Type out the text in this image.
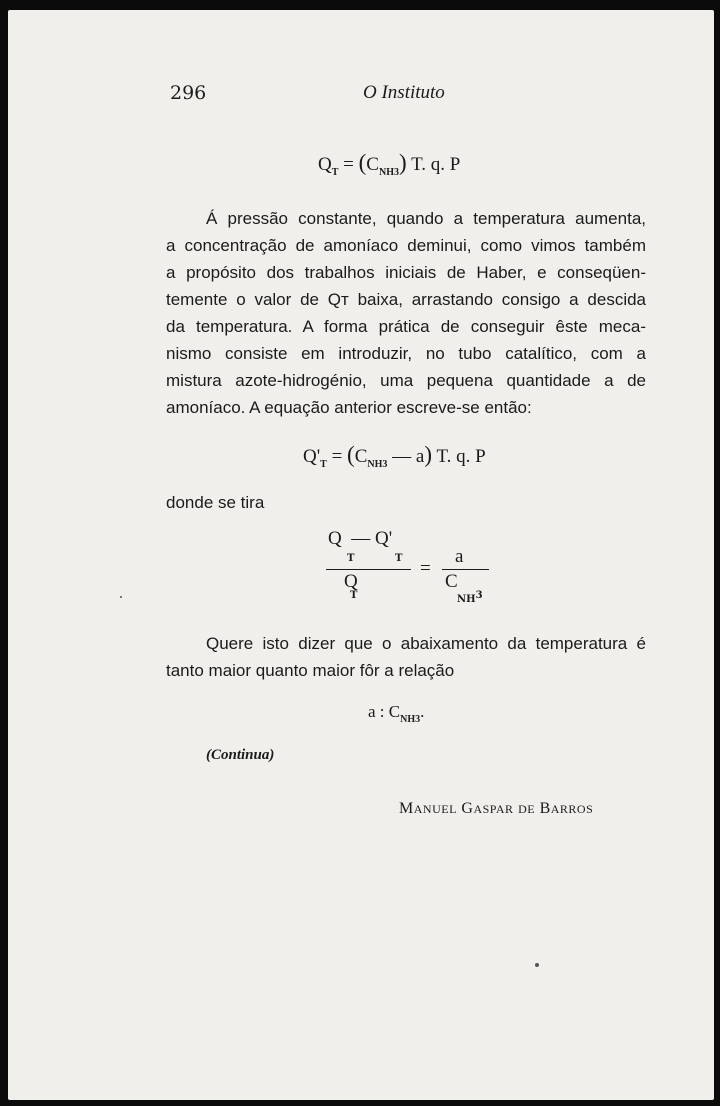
296	O Instituto
$Q_T = (C_{NH3})$ T. q. P
Á pressão constante, quando a temperatura aumenta,
a concentração de amoníaco deminui, como vimos também
a propósito dos trabalhos iniciais de Haber, e conseqüen-
temente o valor de Qᴛ baixa, arrastando consigo a descida
da temperatura. A forma prática de conseguir êste meca-
nismo consiste em introduzir, no tubo catalítico, com a
mistura azote-hidrogénio, uma pequena quantidade a de
amoníaco. A equação anterior escreve-se então:
$Q'_T = (C_{NH3}$ — a) T. q. P
donde se tira
Q  — Q'
T	T
Q
T
=
a
C
NH3
Quere isto dizer que o abaixamento da temperatura é
tanto maior quanto maior fôr a relação
a : $C_{NH3}$.
(Continua)
MANUEL GASPAR DE BARROS
